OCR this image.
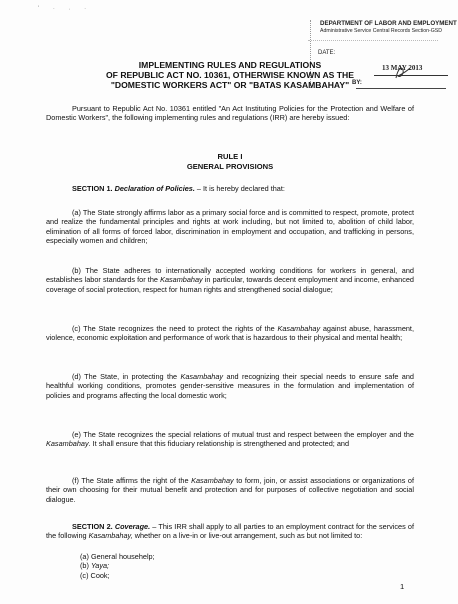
' · ˒ ·
DEPARTMENT OF LABOR AND EMPLOYMENT
Administrative Service Central Records Section-GSD
DATE:
13 MAY 2013
BY:
IMPLEMENTING RULES AND REGULATIONS
OF REPUBLIC ACT NO. 10361, OTHERWISE KNOWN AS THE
"DOMESTIC WORKERS ACT" OR "BATAS KASAMBAHAY"
Pursuant to Republic Act No. 10361 entitled "An Act Instituting Policies for the Protection and Welfare of Domestic Workers", the following implementing rules and regulations (IRR) are hereby issued:
RULE I
GENERAL PROVISIONS
SECTION 1. Declaration of Policies. – It is hereby declared that:
(a) The State strongly affirms labor as a primary social force and is committed to respect, promote, protect and realize the fundamental principles and rights at work including, but not limited to, abolition of child labor, elimination of all forms of forced labor, discrimination in employment and occupation, and trafficking in persons, especially women and children;
(b) The State adheres to internationally accepted working conditions for workers in general, and establishes labor standards for the Kasambahay in particular, towards decent employment and income, enhanced coverage of social protection, respect for human rights and strengthened social dialogue;
(c) The State recognizes the need to protect the rights of the Kasambahay against abuse, harassment, violence, economic exploitation and performance of work that is hazardous to their physical and mental health;
(d) The State, in protecting the Kasambahay and recognizing their special needs to ensure safe and healthful working conditions, promotes gender-sensitive measures in the formulation and implementation of policies and programs affecting the local domestic work;
(e) The State recognizes the special relations of mutual trust and respect between the employer and the Kasambahay. It shall ensure that this fiduciary relationship is strengthened and protected; and
(f) The State affirms the right of the Kasambahay to form, join, or assist associations or organizations of their own choosing for their mutual benefit and protection and for purposes of collective negotiation and social dialogue.
SECTION 2. Coverage. – This IRR shall apply to all parties to an employment contract for the services of the following Kasambahay, whether on a live-in or live-out arrangement, such as but not limited to:
(a) General househelp;
(b) Yaya;
(c) Cook;
1
